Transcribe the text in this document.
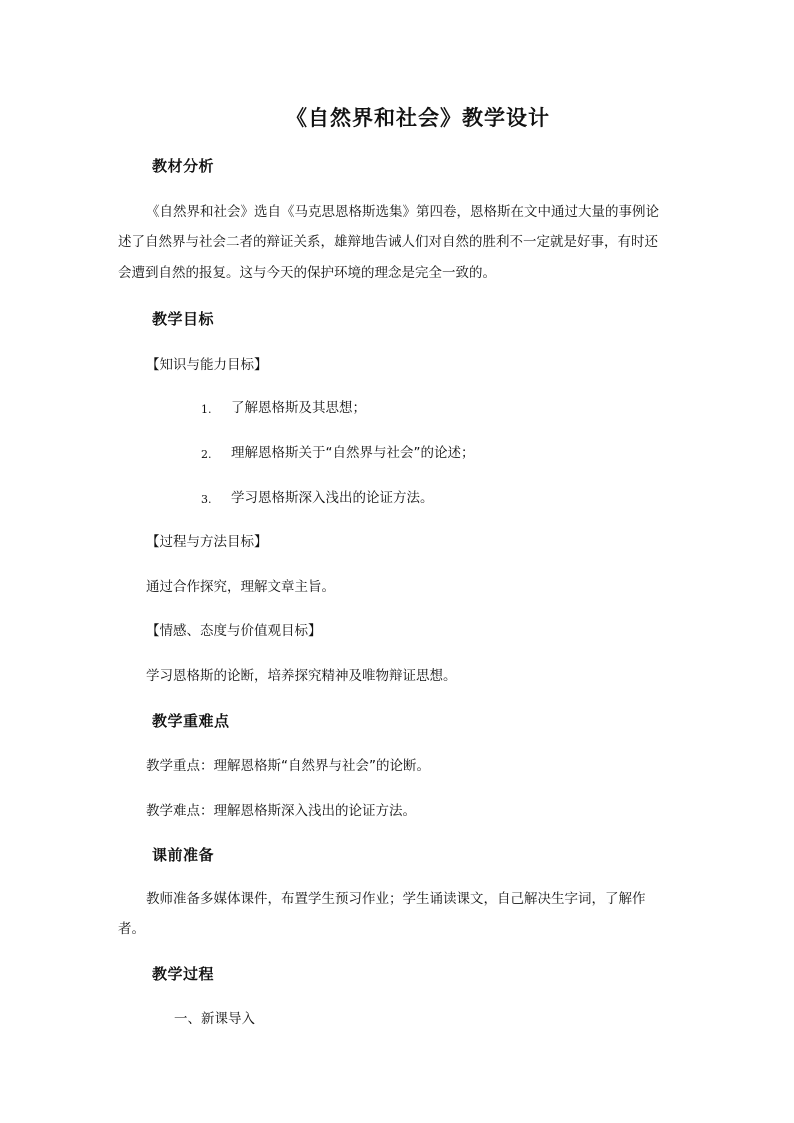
《自然界和社会》教学设计
教材分析
《自然界和社会》选自《马克思恩格斯选集》第四卷，恩格斯在文中通过大量的事例论
述了自然界与社会二者的辩证关系，雄辩地告诫人们对自然的胜利不一定就是好事，有时还
会遭到自然的报复。这与今天的保护环境的理念是完全一致的。
教学目标
【知识与能力目标】
1. 了解恩格斯及其思想；
2. 理解恩格斯关于“自然界与社会”的论述；
3. 学习恩格斯深入浅出的论证方法。
【过程与方法目标】
通过合作探究，理解文章主旨。
【情感、态度与价值观目标】
学习恩格斯的论断，培养探究精神及唯物辩证思想。
教学重难点
教学重点：理解恩格斯“自然界与社会”的论断。
教学难点：理解恩格斯深入浅出的论证方法。
课前准备
教师准备多媒体课件，布置学生预习作业；学生诵读课文，自己解决生字词，了解作
者。
教学过程
一、新课导入
